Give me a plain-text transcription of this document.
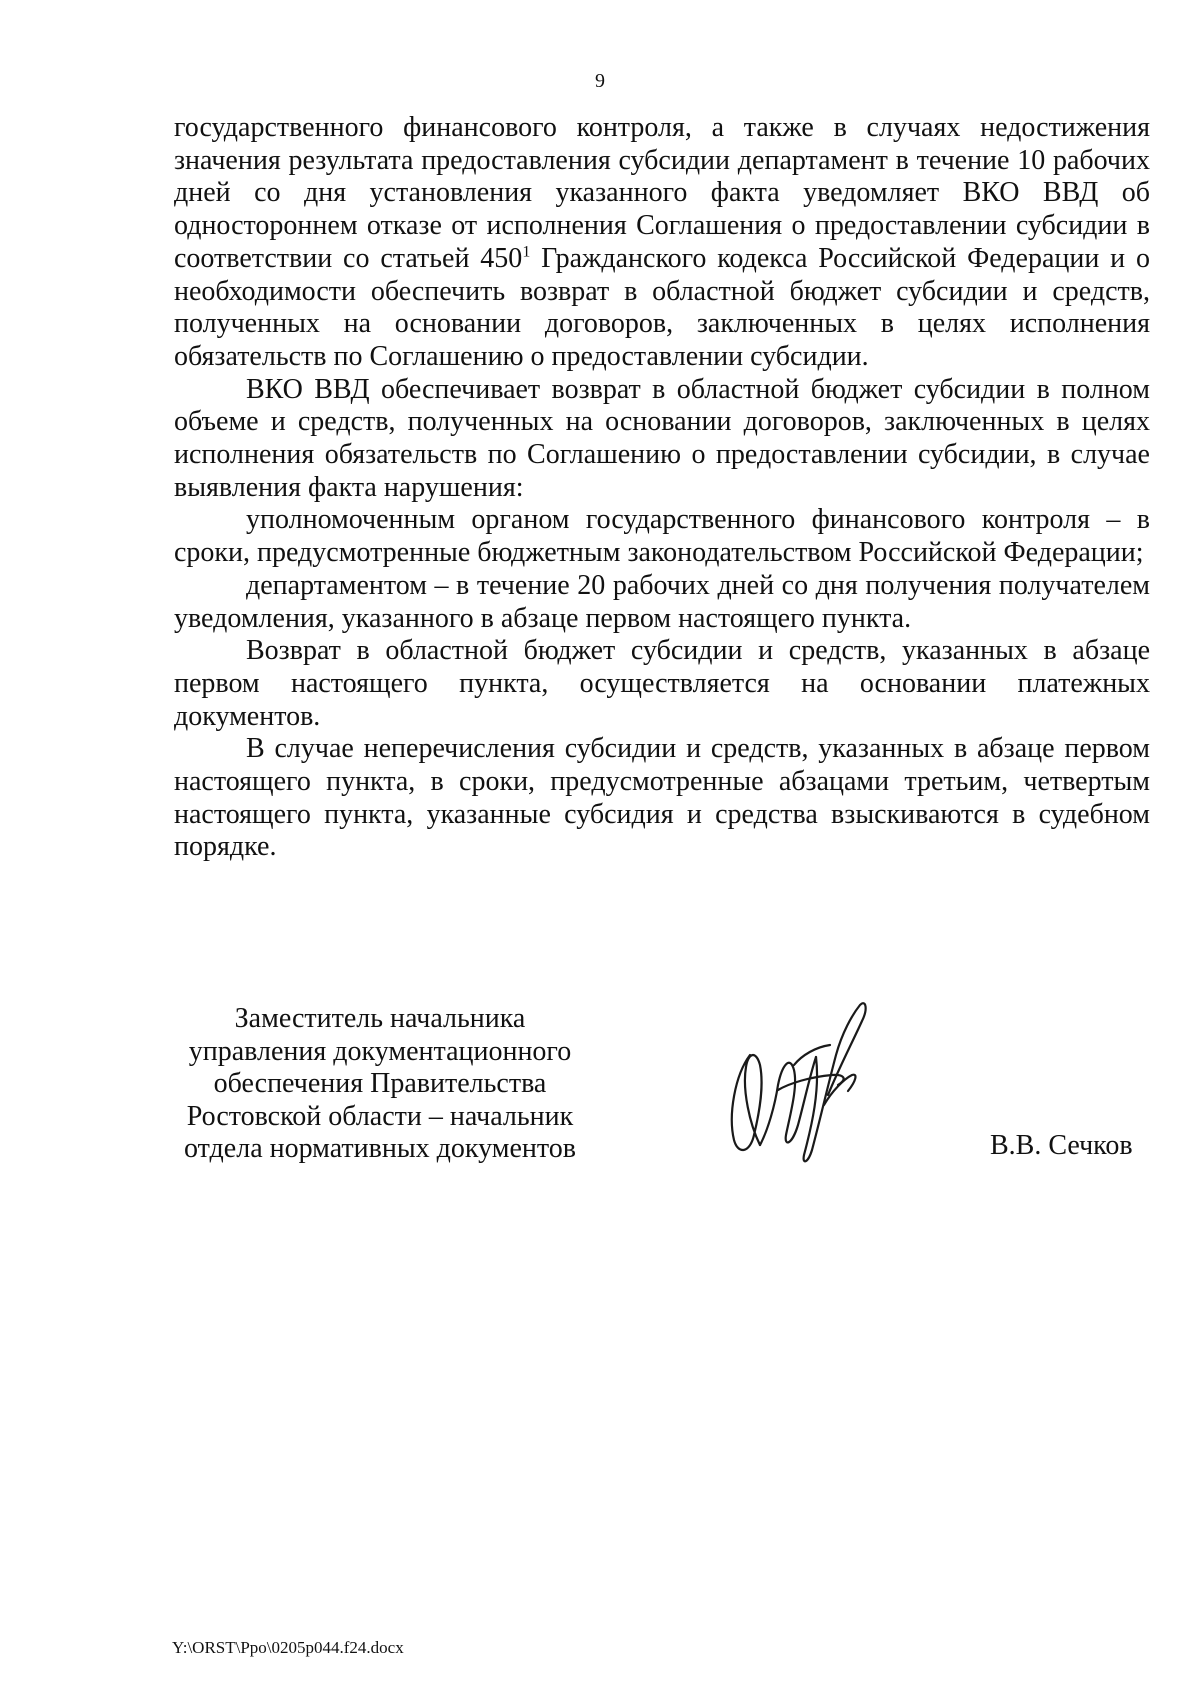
9

государственного финансового контроля, а также в случаях недостижения значения результата предоставления субсидии департамент в течение 10 рабочих дней со дня установления указанного факта уведомляет ВКО ВВД об одностороннем отказе от исполнения Соглашения о предоставлении субсидии в соответствии со статьей $450^1$ Гражданского кодекса Российской Федерации и о необходимости обеспечить возврат в областной бюджет субсидии и средств, полученных на основании договоров, заключенных в целях исполнения обязательств по Соглашению о предоставлении субсидии.

ВКО ВВД обеспечивает возврат в областной бюджет субсидии в полном объеме и средств, полученных на основании договоров, заключенных в целях исполнения обязательств по Соглашению о предоставлении субсидии, в случае выявления факта нарушения:

уполномоченным органом государственного финансового контроля – в сроки, предусмотренные бюджетным законодательством Российской Федерации;

департаментом – в течение 20 рабочих дней со дня получения получателем уведомления, указанного в абзаце первом настоящего пункта.

Возврат в областной бюджет субсидии и средств, указанных в абзаце первом настоящего пункта, осуществляется на основании платежных документов.

В случае неперечисления субсидии и средств, указанных в абзаце первом настоящего пункта, в сроки, предусмотренные абзацами третьим, четвертым настоящего пункта, указанные субсидия и средства взыскиваются в судебном порядке.

Заместитель начальника
управления документационного
обеспечения Правительства
Ростовской области – начальник
отдела нормативных документов	В.В. Сечков
Y:\ORST\Ppo\0205p044.f24.docx
